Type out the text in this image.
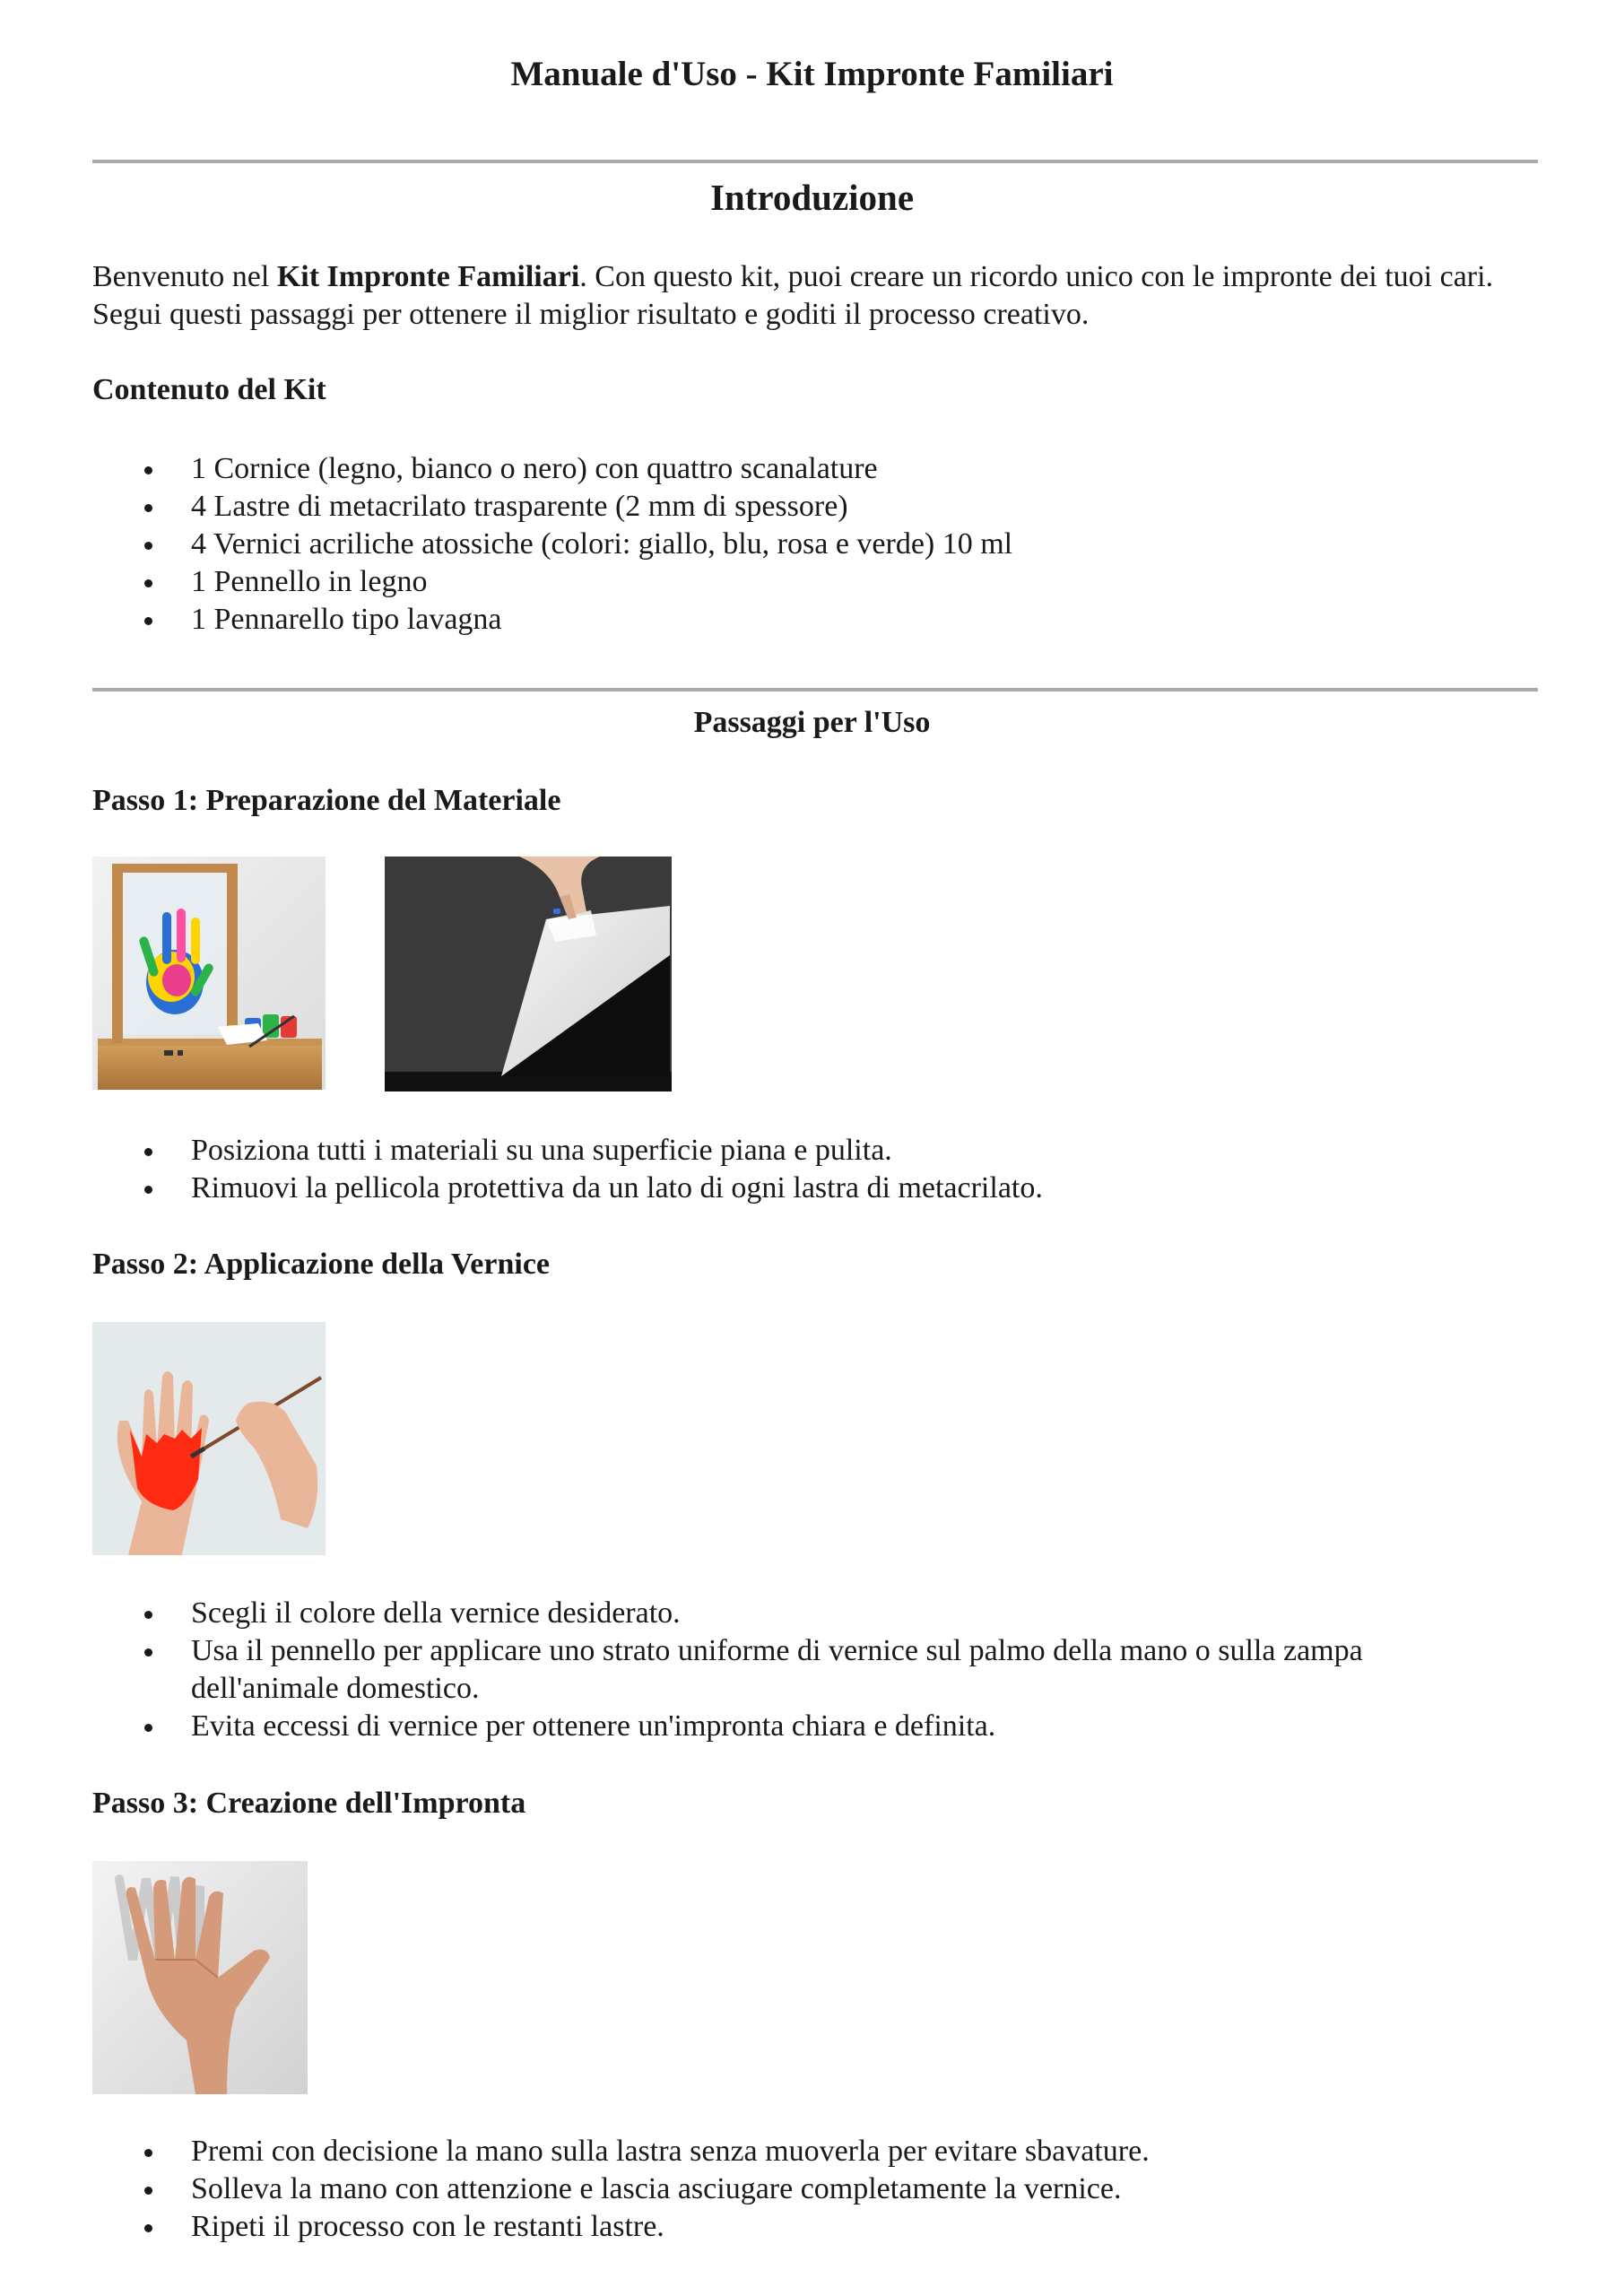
Manuale d'Uso - Kit Impronte Familiari
Introduzione
Benvenuto nel Kit Impronte Familiari. Con questo kit, puoi creare un ricordo unico con le impronte dei tuoi cari. Segui questi passaggi per ottenere il miglior risultato e goditi il processo creativo.
Contenuto del Kit
1 Cornice (legno, bianco o nero) con quattro scanalature
4 Lastre di metacrilato trasparente (2 mm di spessore)
4 Vernici acriliche atossiche (colori: giallo, blu, rosa e verde) 10 ml
1 Pennello in legno
1 Pennarello tipo lavagna
Passaggi per l'Uso
Passo 1: Preparazione del Materiale
Posiziona tutti i materiali su una superficie piana e pulita.
Rimuovi la pellicola protettiva da un lato di ogni lastra di metacrilato.
Passo 2: Applicazione della Vernice
Scegli il colore della vernice desiderato.
Usa il pennello per applicare uno strato uniforme di vernice sul palmo della mano o sulla zampa dell'animale domestico.
Evita eccessi di vernice per ottenere un'impronta chiara e definita.
Passo 3: Creazione dell'Impronta
Premi con decisione la mano sulla lastra senza muoverla per evitare sbavature.
Solleva la mano con attenzione e lascia asciugare completamente la vernice.
Ripeti il processo con le restanti lastre.
